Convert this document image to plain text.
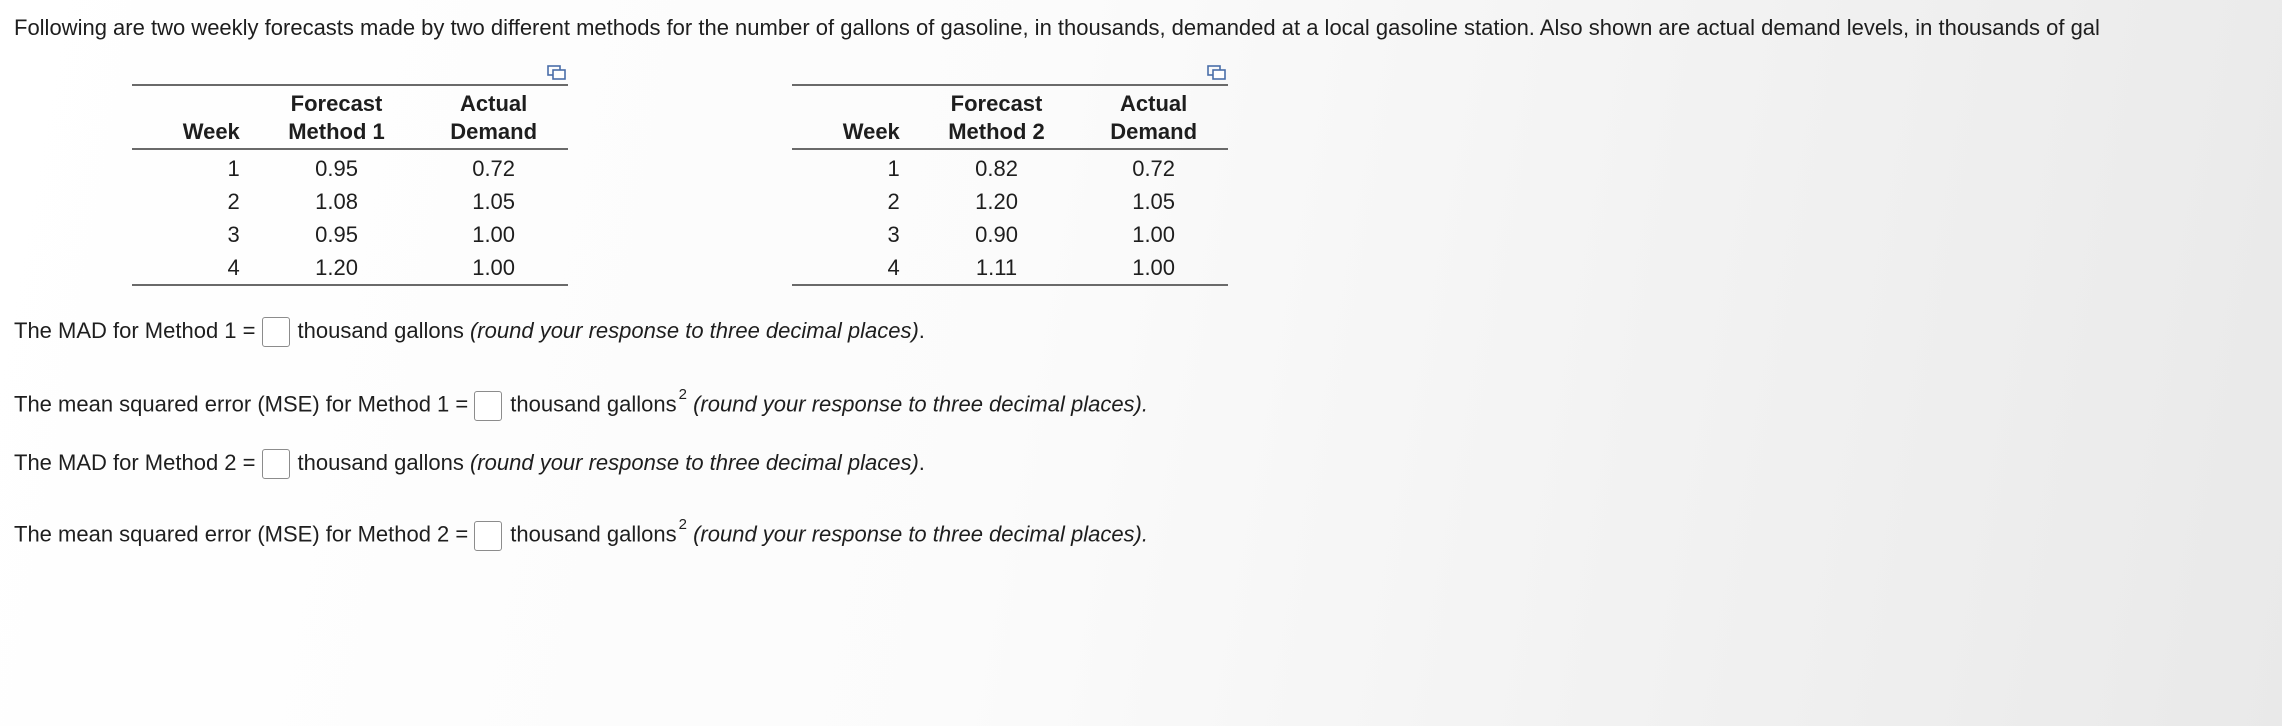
Following are two weekly forecasts made by two different methods for the number of gallons of gasoline, in thousands, demanded at a local gasoline station. Also shown are actual demand levels, in thousands of gal
	Forecast	Actual
Week	Method 1	Demand
1	0.95	0.72
2	1.08	1.05
3	0.95	1.00
4	1.20	1.00
	Forecast	Actual
Week	Method 2	Demand
1	0.82	0.72
2	1.20	1.05
3	0.90	1.00
4	1.11	1.00
The MAD for Method 1 = thousand gallons (round your response to three decimal places).
The mean squared error (MSE) for Method 1 = thousand gallons $^2$ (round your response to three decimal places).
The MAD for Method 2 = thousand gallons (round your response to three decimal places).
The mean squared error (MSE) for Method 2 = thousand gallons $^2$ (round your response to three decimal places).
